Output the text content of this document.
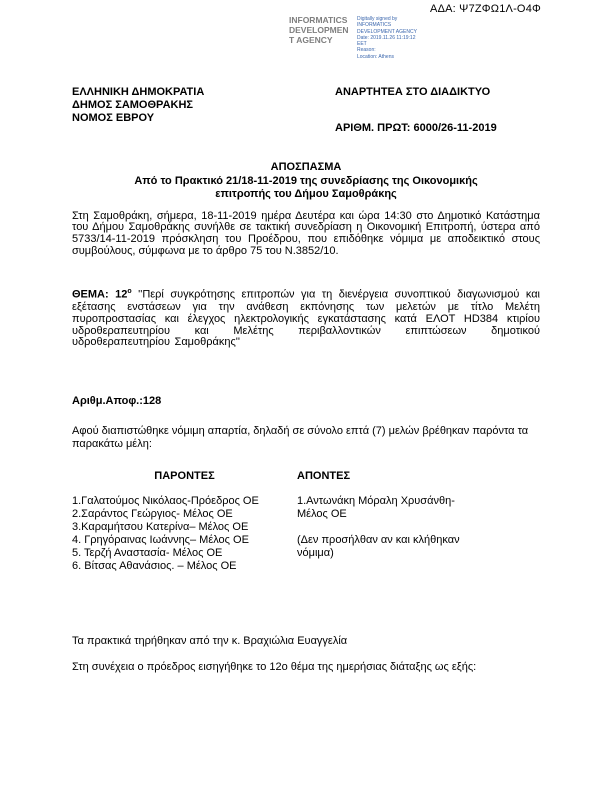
ΑΔΑ: Ψ7ΖΦΩ1Λ-Ο4Φ
INFORMATICS
DEVELOPMEN
T AGENCY
Digitally signed by
INFORMATICS
DEVELOPMENT AGENCY
Date: 2019.11.26 11:19:12
EET
Reason:
Location: Athens
ΕΛΛΗΝΙΚΗ ΔΗΜΟΚΡΑΤΙΑ
ΔΗΜΟΣ ΣΑΜΟΘΡΑΚΗΣ
ΝΟΜΟΣ ΕΒΡΟΥ
ΑΝΑΡΤΗΤΕΑ ΣΤΟ ΔΙΑΔΙΚΤΥΟ
ΑΡΙΘΜ. ΠΡΩΤ: 6000/26-11-2019
ΑΠΟΣΠΑΣΜΑ
Από το Πρακτικό 21/18-11-2019 της συνεδρίασης της Οικονομικής
επιτροπής του Δήμου Σαμοθράκης

Στη Σαμοθράκη, σήμερα, 18-11-2019 ημέρα Δευτέρα και ώρα 14:30 στο Δημοτικό Κατάστημα του Δήμου Σαμοθράκης συνήλθε σε τακτική συνεδρίαση η Οικονομική Επιτροπή, ύστερα από 5733/14-11-2019 πρόσκληση του Προέδρου, που επιδόθηκε νόμιμα με αποδεικτικό στους συμβούλους, σύμφωνα με το άρθρο 75 του Ν.3852/10.

ΘΕΜΑ: $12^o$ ''Περί συγκρότησης επιτροπών για τη διενέργεια συνοπτικού διαγωνισμού και εξέτασης ενστάσεων για την ανάθεση εκπόνησης των μελετών με τίτλο Μελέτη πυροπροστασίας και έλεγχος ηλεκτρολογικής εγκατάστασης κατά ΕΛΟΤ HD384 κτιρίου υδροθεραπευτηρίου και Μελέτης περιβαλλοντικών επιπτώσεων δημοτικού υδροθεραπευτηρίου Σαμοθράκης''

Αριθμ.Αποφ.:128

Αφού διαπιστώθηκε νόμιμη απαρτία, δηλαδή σε σύνολο επτά (7) μελών βρέθηκαν παρόντα τα παρακάτω μέλη:

ΠΑΡΟΝΤΕΣ
1.Γαλατούμος Νικόλαος-Πρόεδρος ΟΕ
2.Σαράντος Γεώργιος- Μέλος ΟΕ
3.Καραμήτσου Κατερίνα– Μέλος ΟΕ
4. Γρηγόραινας Ιωάννης– Μέλος ΟΕ
5. Τερζή Αναστασία- Μέλος ΟΕ
6. Βίτσας Αθανάσιος. – Μέλος ΟΕ
ΑΠΟΝΤΕΣ
1.Αντωνάκη Μόραλη Χρυσάνθη-
Μέλος ΟΕ
(Δεν προσήλθαν αν και κλήθηκαν
νόμιμα)

Τα πρακτικά τηρήθηκαν από την κ. Βραχιώλια Ευαγγελία

Στη συνέχεια ο πρόεδρος εισηγήθηκε το 12ο θέμα της ημερήσιας διάταξης ως εξής:
